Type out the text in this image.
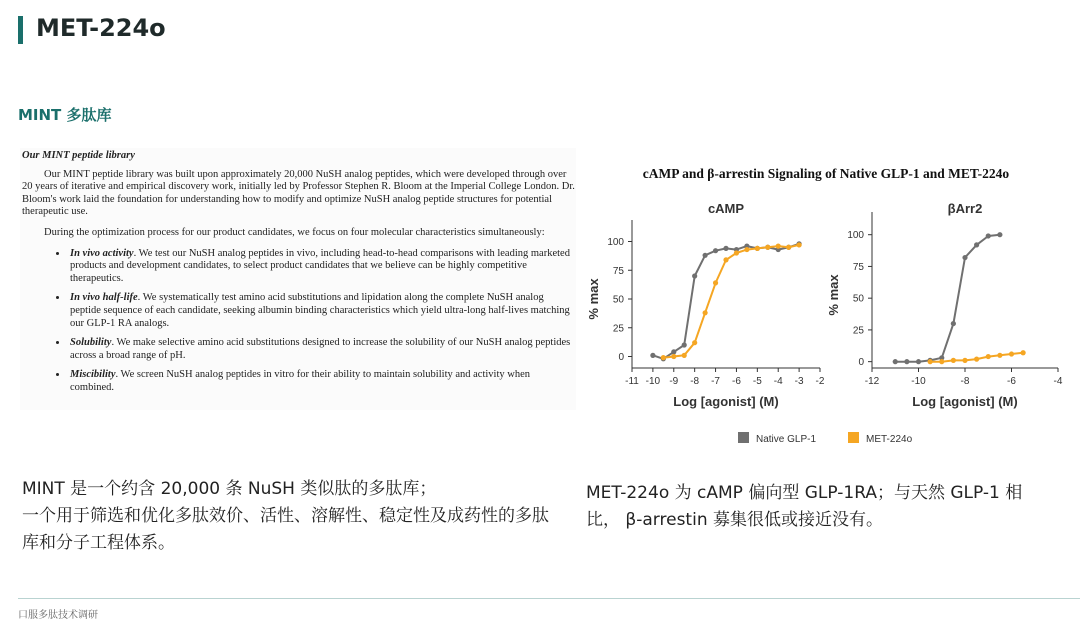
MET-224o
MINT 多肽库
Our MINT peptide library

Our MINT peptide library was built upon approximately 20,000 NuSH analog peptides, which were developed through over 20 years of iterative and empirical discovery work, initially led by Professor Stephen R. Bloom at the Imperial College London. Dr. Bloom's work laid the foundation for understanding how to modify and optimize NuSH analog peptide structures for potential therapeutic use.

During the optimization process for our product candidates, we focus on four molecular characteristics simultaneously:

• In vivo activity. We test our NuSH analog peptides in vivo, including head-to-head comparisons with leading marketed products and development candidates, to select product candidates that we believe can be highly competitive therapeutics.
• In vivo half-life. We systematically test amino acid substitutions and lipidation along the complete NuSH analog peptide sequence of each candidate, seeking albumin binding characteristics which yield ultra-long half-lives matching our GLP-1 RA analogs.
• Solubility. We make selective amino acid substitutions designed to increase the solubility of our NuSH analog peptides across a broad range of pH.
• Miscibility. We screen NuSH analog peptides in vitro for their ability to maintain solubility and activity when combined.
cAMP and β-arrestin Signaling of Native GLP-1 and MET-224o
cAMP
0
25
50
75
100
-11 -10 -9 -8 -7 -6 -5 -4 -3 -2
Log [agonist] (M)
% max
βArr2
0
25
50
75
100
-12	-10	-8	-6	-4
Log [agonist] (M)
% max
Native GLP-1	MET-224o
MINT 是一个约含 20,000 条 NuSH 类似肽的多肽库；
一个用于筛选和优化多肽效价、活性、溶解性、稳定性及成药性的多肽库和分子工程体系。
MET-224o 为 cAMP 偏向型 GLP-1RA；与天然 GLP-1 相比， β-arrestin 募集很低或接近没有。
口服多肽技术调研
